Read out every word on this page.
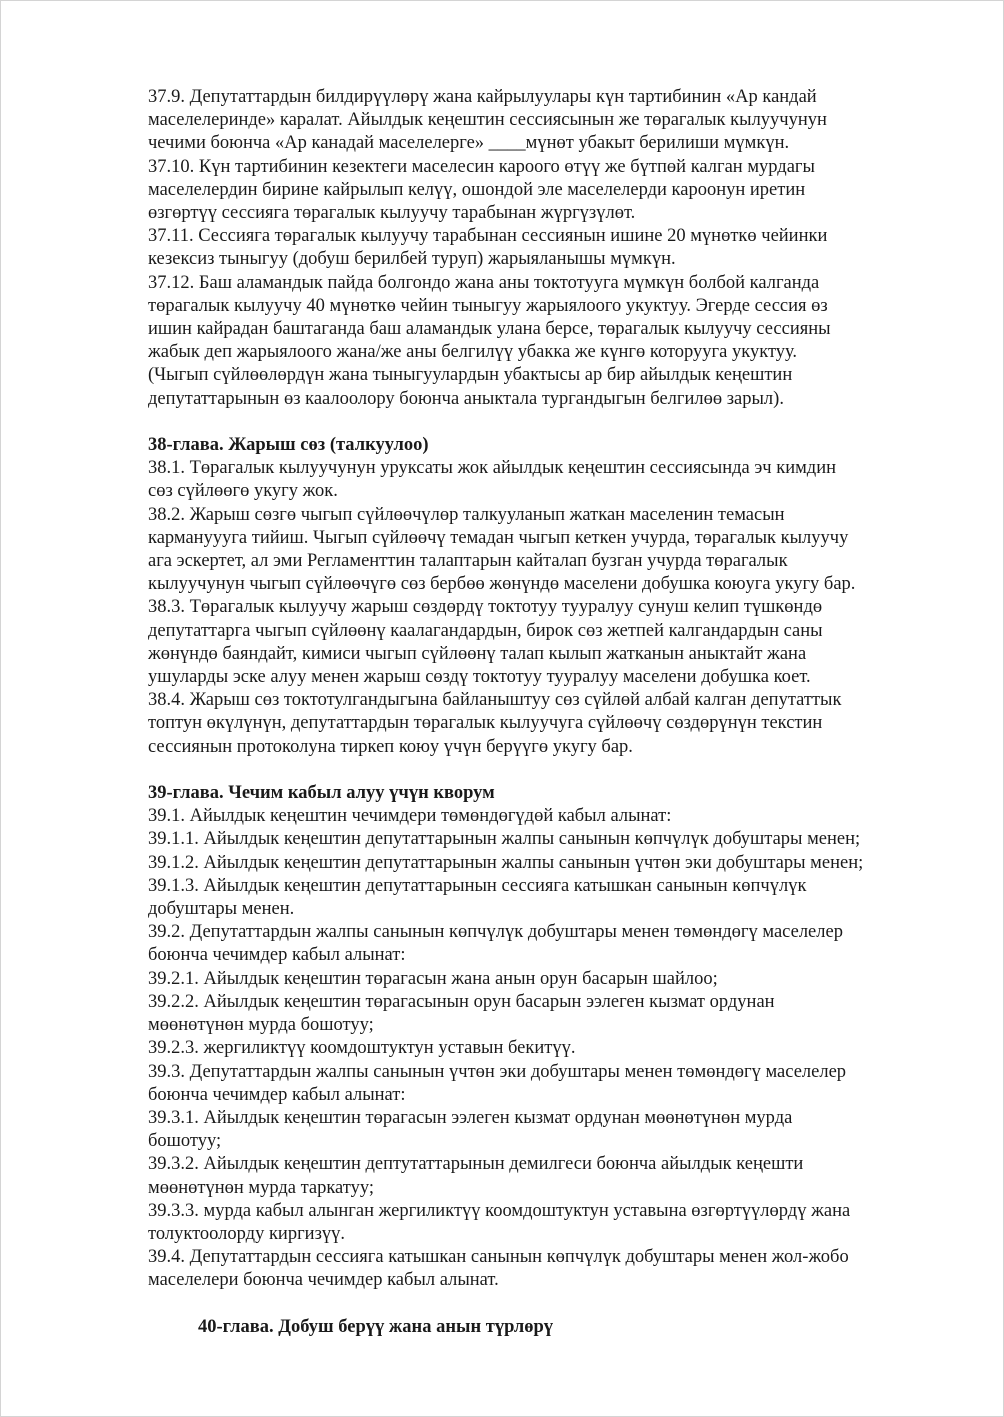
37.9. Депутаттардын билдирүүлөрү жана кайрылуулары күн тартибинин «Ар кандай
маселелеринде» каралат. Айылдык кеңештин сессиясынын же төрагалык кылуучунун
чечими боюнча «Ар канадай маселелерге» ____мүнөт убакыт берилиши мүмкүн.

37.10. Күн тартибинин кезектеги маселесин кароого өтүү же бүтпөй калган мурдагы
маселелердин бирине кайрылып келүү, ошондой эле маселелерди кароонун иретин
өзгөртүү сессияга төрагалык кылуучу тарабынан жүргүзүлөт.

37.11. Сессияга төрагалык кылуучу тарабынан сессиянын ишине 20 мүнөткө чейинки
кезексиз тыныгуу (добуш берилбей туруп) жарыяланышы мүмкүн.

37.12. Баш аламандык пайда болгондо жана аны токтотууга мүмкүн болбой калганда
төрагалык кылуучу 40 мүнөткө чейин тыныгуу жарыялоого укуктуу. Эгерде сессия өз
ишин кайрадан баштаганда баш аламандык улана берсе, төрагалык кылуучу сессияны
жабык деп жарыялоого жана/же аны белгилүү убакка же күнгө которууга укуктуу.
(Чыгып сүйлөөлөрдүн жана тыныгуулардын убактысы ар бир айылдык кеңештин
депутаттарынын өз каалоолору боюнча аныктала тургандыгын белгилөө зарыл).

38-глава. Жарыш сөз (талкуулоо)

38.1. Төрагалык кылуучунун уруксаты жок айылдык кеңештин сессиясында эч кимдин
сөз сүйлөөгө укугу жок.

38.2. Жарыш сөзгө чыгып сүйлөөчүлөр талкууланып жаткан маселенин темасын
кармануууга тийиш. Чыгып сүйлөөчү темадан чыгып кеткен учурда, төрагалык кылуучу
ага эскертет, ал эми Регламенттин талаптарын кайталап бузган учурда төрагалык
кылуучунун чыгып сүйлөөчүгө сөз бербөө жөнүндө маселени добушка коюуга укугу бар.

38.3. Төрагалык кылуучу жарыш сөздөрдү токтотуу тууралуу сунуш келип түшкөндө
депутаттарга чыгып сүйлөөнү каалагандардын, бирок сөз жетпей калгандардын саны
жөнүндө баяндайт, кимиси чыгып сүйлөөнү талап кылып жатканын аныктайт жана
ушуларды эске алуу менен жарыш сөздү токтотуу тууралуу маселени добушка коет.

38.4. Жарыш сөз токтотулгандыгына байланыштуу сөз сүйлөй албай калган депутаттык
топтун өкүлүнүн, депутаттардын төрагалык кылуучуга сүйлөөчү сөздөрүнүн текстин
сессиянын протоколуна тиркеп коюу үчүн берүүгө укугу бар.

39-глава. Чечим кабыл алуу үчүн кворум

39.1. Айылдык кеңештин чечимдери төмөндөгүдөй кабыл алынат:

39.1.1. Айылдык кеңештин депутаттарынын жалпы санынын көпчүлүк добуштары менен;

39.1.2. Айылдык кеңештин депутаттарынын жалпы санынын үчтөн эки добуштары менен;

39.1.3. Айылдык кеңештин депутаттарынын сессияга катышкан санынын көпчүлүк
добуштары менен.

39.2. Депутаттардын жалпы санынын көпчүлүк добуштары менен төмөндөгү маселелер
боюнча чечимдер кабыл алынат:

39.2.1. Айылдык кеңештин төрагасын жана анын орун басарын шайлоо;

39.2.2. Айылдык кеңештин төрагасынын орун басарын ээлеген кызмат ордунан
мөөнөтүнөн мурда бошотуу;

39.2.3. жергиликтүү коомдоштуктун уставын бекитүү.

39.3. Депутаттардын жалпы санынын үчтөн эки добуштары менен төмөндөгү маселелер
боюнча чечимдер кабыл алынат:

39.3.1. Айылдык кеңештин төрагасын ээлеген кызмат ордунан мөөнөтүнөн мурда
бошотуу;

39.3.2. Айылдык кеңештин дептутаттарынын демилгеси боюнча айылдык кеңешти
мөөнөтүнөн мурда таркатуу;

39.3.3. мурда кабыл алынган жергиликтүү коомдоштуктун уставына өзгөртүүлөрдү жана
толуктоолорду киргизүү.

39.4. Депутаттардын сессияга катышкан санынын көпчүлүк добуштары менен жол-жобо
маселелери боюнча чечимдер кабыл алынат.

40-глава. Добуш берүү жана анын түрлөрү
